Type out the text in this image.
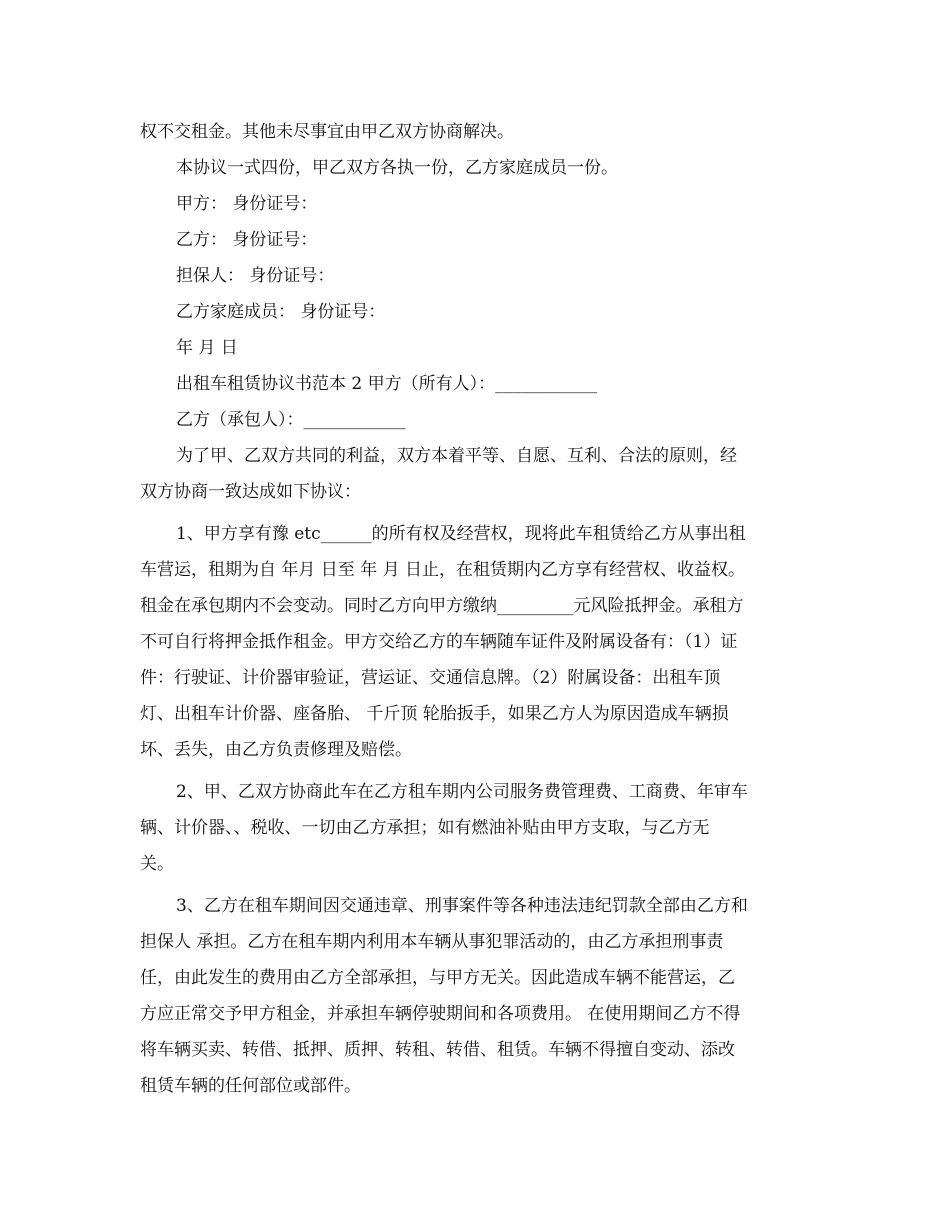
权不交租金。其他未尽事宜由甲乙双方协商解决。
本协议一式四份，甲乙双方各执一份，乙方家庭成员一份。
甲方： 身份证号：
乙方： 身份证号：
担保人： 身份证号：
乙方家庭成员： 身份证号：
年 月 日
出租车租赁协议书范本 2 甲方（所有人）：____________
乙方（承包人）：____________
为了甲、乙双方共同的利益，双方本着平等、自愿、互利、合法的原则，经
双方协商一致达成如下协议：
1、甲方享有豫 etc______的所有权及经营权，现将此车租赁给乙方从事出租
车营运，租期为自 年月 日至 年 月 日止，在租赁期内乙方享有经营权、收益权。
租金在承包期内不会变动。同时乙方向甲方缴纳_________元风险抵押金。承租方
不可自行将押金抵作租金。甲方交给乙方的车辆随车证件及附属设备有：（1）证
件：行驶证、计价器审验证，营运证、交通信息牌。（2）附属设备：出租车顶
灯、出租车计价器、座备胎、 千斤顶 轮胎扳手，如果乙方人为原因造成车辆损
坏、丢失，由乙方负责修理及赔偿。
2、甲、乙双方协商此车在乙方租车期内公司服务费管理费、工商费、年审车
辆、计价器、、税收、一切由乙方承担；如有燃油补贴由甲方支取，与乙方无
关。
3、乙方在租车期间因交通违章、刑事案件等各种违法违纪罚款全部由乙方和
担保人 承担。乙方在租车期内利用本车辆从事犯罪活动的，由乙方承担刑事责
任，由此发生的费用由乙方全部承担，与甲方无关。因此造成车辆不能营运，乙
方应正常交予甲方租金，并承担车辆停驶期间和各项费用。 在使用期间乙方不得
将车辆买卖、转借、抵押、质押、转租、转借、租赁。车辆不得擅自变动、添改
租赁车辆的任何部位或部件。
